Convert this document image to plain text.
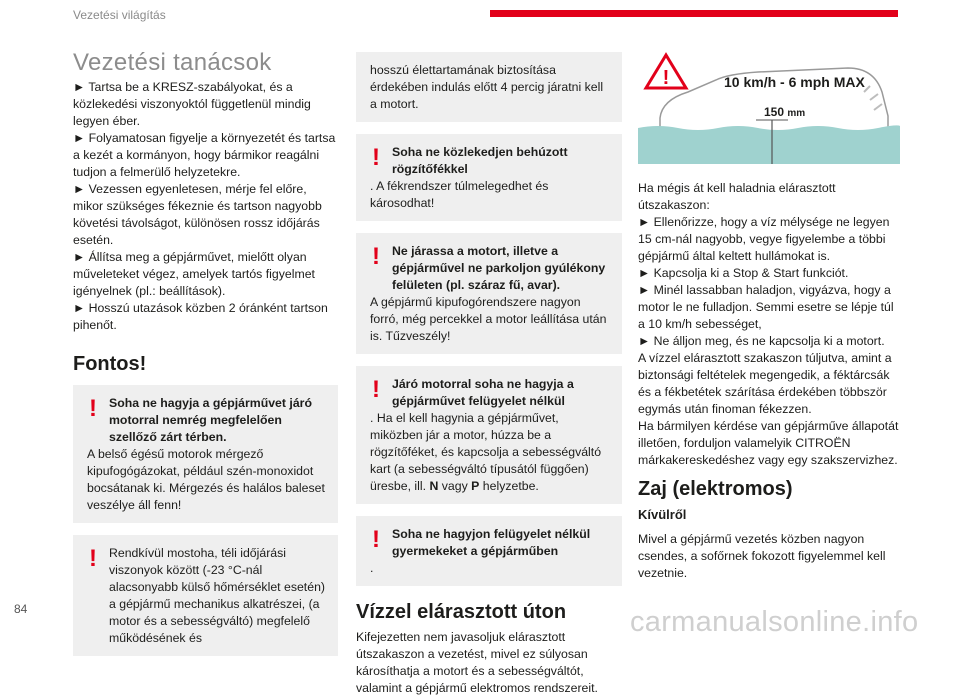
Vezetési világítás
Vezetési tanácsok

► Tartsa be a KRESZ-szabályokat, és a közlekedési viszonyoktól függetlenül mindig legyen éber.

► Folyamatosan figyelje a környezetét és tartsa a kezét a kormányon, hogy bármikor reagálni tudjon a felmerülő helyzetekre.

► Vezessen egyenletesen, mérje fel előre, mikor szükséges fékeznie és tartson nagyobb követési távolságot, különösen rossz időjárás esetén.

► Állítsa meg a gépjárművet, mielőtt olyan műveleteket végez, amelyek tartós figyelmet igényelnek (pl.: beállítások).

► Hosszú utazások közben 2 óránként tartson pihenőt.

Fontos!
! Soha ne hagyja a gépjárművet járó motorral nemrég megfelelően szellőző zárt térben.
A belső égésű motorok mérgező kipufogógázokat, például szén-monoxidot bocsátanak ki. Mérgezés és halálos baleset veszélye áll fenn!

! Rendkívül mostoha, téli időjárási viszonyok között (-23 °C-nál alacsonyabb külső hőmérséklet esetén) a gépjármű mechanikus alkatrészei, (a motor és a sebességváltó) megfelelő működésének és

hosszú élettartamának biztosítása érdekében indulás előtt 4 percig járatni kell a motort.

! Soha ne közlekedjen behúzott rögzítőfékkel
. A fékrendszer túlmelegedhet és károsodhat!

! Ne járassa a motort, illetve a gépjárművel ne parkoljon gyúlékony felületen (pl. száraz fű, avar).
A gépjármű kipufogórendszere nagyon forró, még percekkel a motor leállítása után is. Tűzveszély!

! Járó motorral soha ne hagyja a gépjárművet felügyelet nélkül
. Ha el kell hagynia a gépjárművet, miközben jár a motor, húzza be a rögzítőféket, és kapcsolja a sebességváltó kart (a sebességváltó típusától függően) üresbe, ill. N vagy P helyzetbe.

! Soha ne hagyjon felügyelet nélkül gyermekeket a gépjárműben
.

Vízzel elárasztott úton

Kifejezetten nem javasoljuk elárasztott útszakaszon a vezetést, mivel ez súlyosan károsíthatja a motort és a sebességváltót, valamint a gépjármű elektromos rendszereit.

!	10 km/h - 6 mph MAX
150 mm

Ha mégis át kell haladnia elárasztott útszakaszon:

► Ellenőrizze, hogy a víz mélysége ne legyen 15 cm-nál nagyobb, vegye figyelembe a többi gépjármű által keltett hullámokat is.

► Kapcsolja ki a Stop & Start funkciót.

► Minél lassabban haladjon, vigyázva, hogy a motor le ne fulladjon. Semmi esetre se lépje túl a 10 km/h sebességet,

► Ne álljon meg, és ne kapcsolja ki a motort.

A vízzel elárasztott szakaszon túljutva, amint a biztonsági feltételek megengedik, a féktárcsák és a fékbetétek szárítása érdekében többször egymás után finoman fékezzen.

Ha bármilyen kérdése van gépjárműve állapotát illetően, forduljon valamelyik CITROËN márkakereskedéshez vagy egy szakszervizhez.

Zaj (elektromos)
Kívülről

Mivel a gépjármű vezetés közben nagyon csendes, a sofőrnek fokozott figyelemmel kell vezetnie.

84	carmanualsonline.info
